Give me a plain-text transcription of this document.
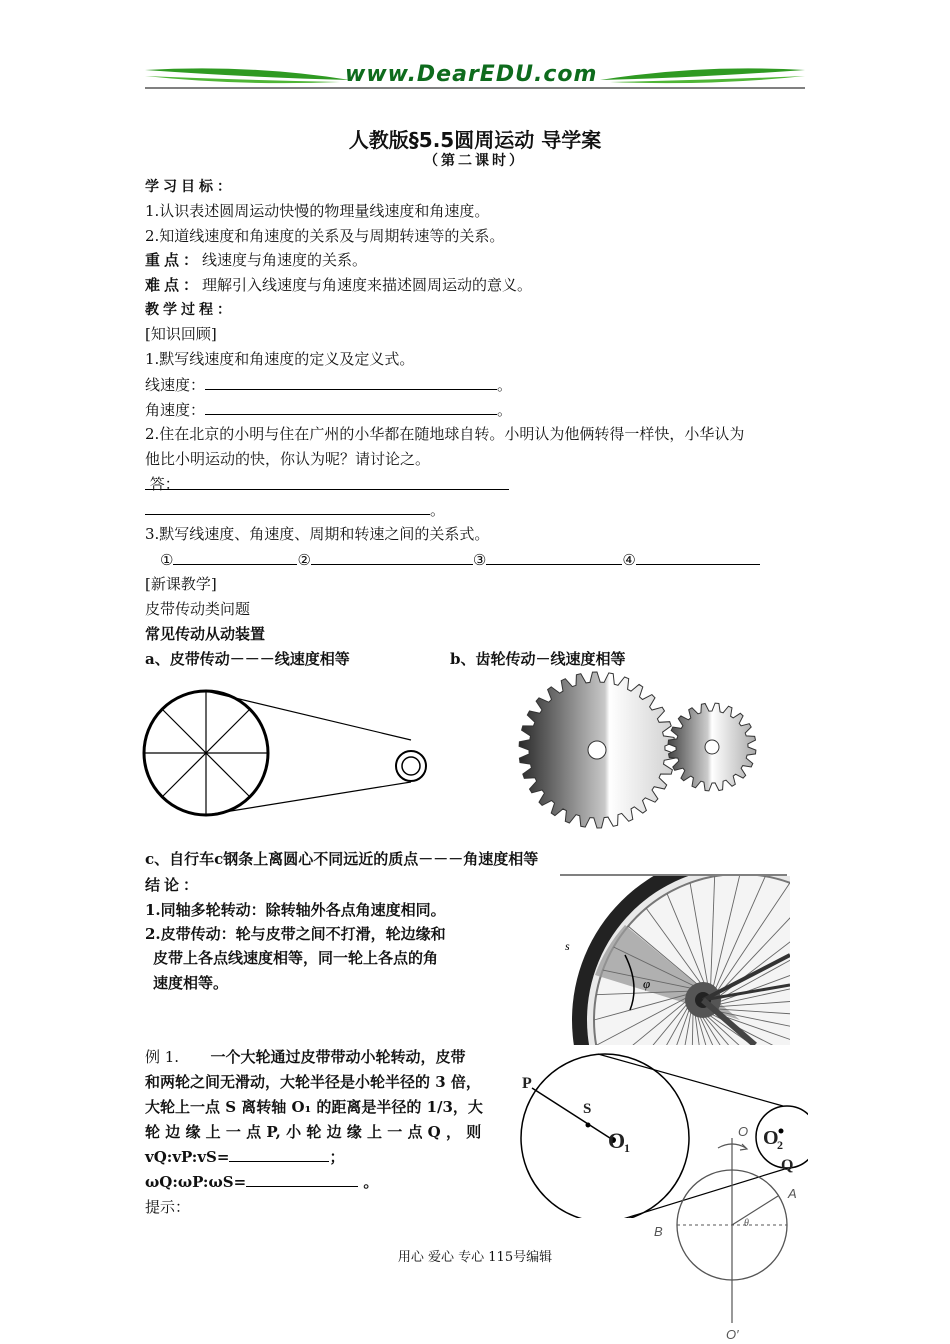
www.DearEDU.com
人教版§5.5圆周运动 导学案
（第二课时）
学习目标：
1.认识表述圆周运动快慢的物理量线速度和角速度。
2.知道线速度和角速度的关系及与周期转速等的关系。
重点：线速度与角速度的关系。
难点：理解引入线速度与角速度来描述圆周运动的意义。
教学过程：
[知识回顾]
1.默写线速度和角速度的定义及定义式。
线速度：	。
角速度：	。
2.住在北京的小明与住在广州的小华都在随地球自转。小明认为他俩转得一样快，小华认为
他比小明运动的快，你认为呢？请讨论之。
答：
。
3.默写线速度、角速度、周期和转速之间的关系式。
①	②	③	④
[新课教学]
皮带传动类问题
常见传动从动装置
a、皮带传动－－－线速度相等	b、齿轮传动－线速度相等
c、自行车c钢条上离圆心不同远近的质点－－－角速度相等
结论：
1.同轴多轮转动：除转轴外各点角速度相同。
2.皮带传动：轮与皮带之间不打滑，轮边缘和
皮带上各点线速度相等，同一轮上各点的角
速度相等。
s
φ
例 1. 一个大轮通过皮带带动小轮转动，皮带
和两轮之间无滑动，大轮半径是小轮半径的 3 倍，
大轮上一点 S 离转轴 O₁ 的距离是半径的 1/3，大
轮 边 缘 上 一 点 P, 小 轮 边 缘 上 一 点 Q ， 则
vQ:vP:vS=	；
ωQ:ωP:ωS=	。
提示：
P
S
O
1	O
2
Q
O
A
B
θ
O′
用心 爱心 专心 115号编辑
